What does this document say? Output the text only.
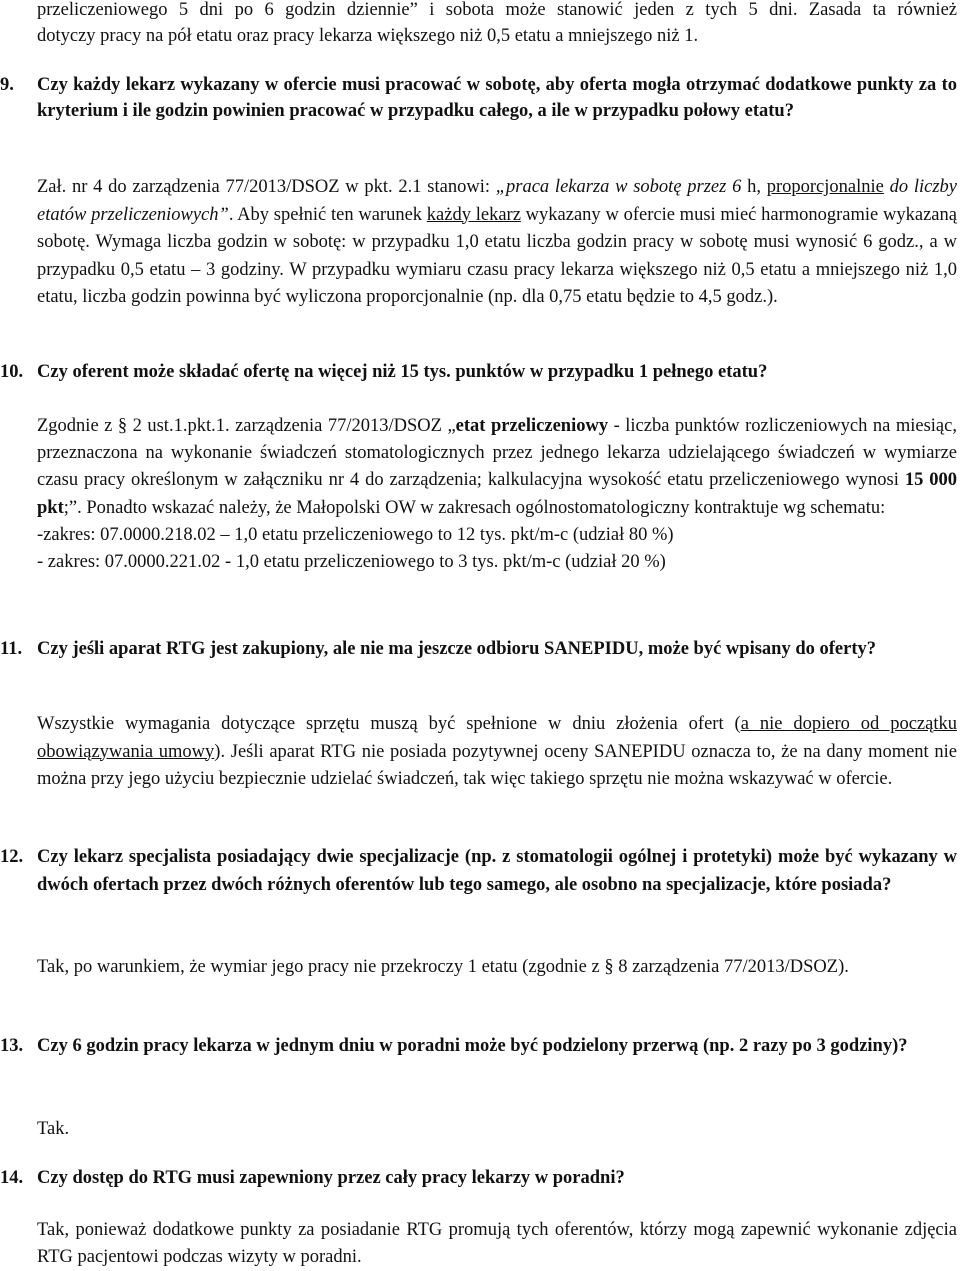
przeliczeniowego 5 dni po 6 godzin dziennie” i sobota może stanowić jeden z tych 5 dni. Zasada ta również
dotyczy pracy na pół etatu oraz pracy lekarza większego niż 0,5 etatu a mniejszego niż 1.
9.	Czy każdy lekarz wykazany w ofercie musi pracować w sobotę, aby oferta mogła otrzymać dodatkowe punkty za to kryterium i ile godzin powinien pracować w przypadku całego, a ile w przypadku połowy etatu?
Zał. nr 4 do zarządzenia 77/2013/DSOZ w pkt. 2.1 stanowi: „praca lekarza w sobotę przez 6 h, proporcjonalnie do liczby etatów przeliczeniowych”. Aby spełnić ten warunek każdy lekarz wykazany w ofercie musi mieć harmonogramie wykazaną sobotę. Wymaga liczba godzin w sobotę: w przypadku 1,0 etatu liczba godzin pracy w sobotę musi wynosić 6 godz., a w przypadku 0,5 etatu – 3 godziny. W przypadku wymiaru czasu pracy lekarza większego niż 0,5 etatu a mniejszego niż 1,0 etatu, liczba godzin powinna być wyliczona proporcjonalnie (np. dla 0,75 etatu będzie to 4,5 godz.).
10. Czy oferent może składać ofertę na więcej niż 15 tys. punktów w przypadku 1 pełnego etatu?
Zgodnie z § 2 ust.1.pkt.1. zarządzenia 77/2013/DSOZ „etat przeliczeniowy - liczba punktów rozliczeniowych na miesiąc, przeznaczona na wykonanie świadczeń stomatologicznych przez jednego lekarza udzielającego świadczeń w wymiarze czasu pracy określonym w załączniku nr 4 do zarządzenia; kalkulacyjna wysokość etatu przeliczeniowego wynosi 15 000 pkt;”. Ponadto wskazać należy, że Małopolski OW w zakresach ogólnostomatologiczny kontraktuje wg schematu:
-zakres: 07.0000.218.02 – 1,0 etatu przeliczeniowego to 12 tys. pkt/m-c (udział 80 %)
- zakres: 07.0000.221.02 - 1,0 etatu przeliczeniowego to 3 tys. pkt/m-c (udział 20 %)
11. Czy jeśli aparat RTG jest zakupiony, ale nie ma jeszcze odbioru SANEPIDU, może być wpisany do oferty?
Wszystkie wymagania dotyczące sprzętu muszą być spełnione w dniu złożenia ofert (a nie dopiero od początku obowiązywania umowy). Jeśli aparat RTG nie posiada pozytywnej oceny SANEPIDU oznacza to, że na dany moment nie można przy jego użyciu bezpiecznie udzielać świadczeń, tak więc takiego sprzętu nie można wskazywać w ofercie.
12. Czy lekarz specjalista posiadający dwie specjalizacje (np. z stomatologii ogólnej i protetyki) może być wykazany w dwóch ofertach przez dwóch różnych oferentów lub tego samego, ale osobno na specjalizacje, które posiada?
Tak, po warunkiem, że wymiar jego pracy nie przekroczy 1 etatu (zgodnie z § 8 zarządzenia 77/2013/DSOZ).
13. Czy 6 godzin pracy lekarza w jednym dniu w poradni może być podzielony przerwą (np. 2 razy po 3 godziny)?
Tak.
14. Czy dostęp do RTG musi zapewniony przez cały pracy lekarzy w poradni?
Tak, ponieważ dodatkowe punkty za posiadanie RTG promują tych oferentów, którzy mogą zapewnić wykonanie zdjęcia RTG pacjentowi podczas wizyty w poradni.
